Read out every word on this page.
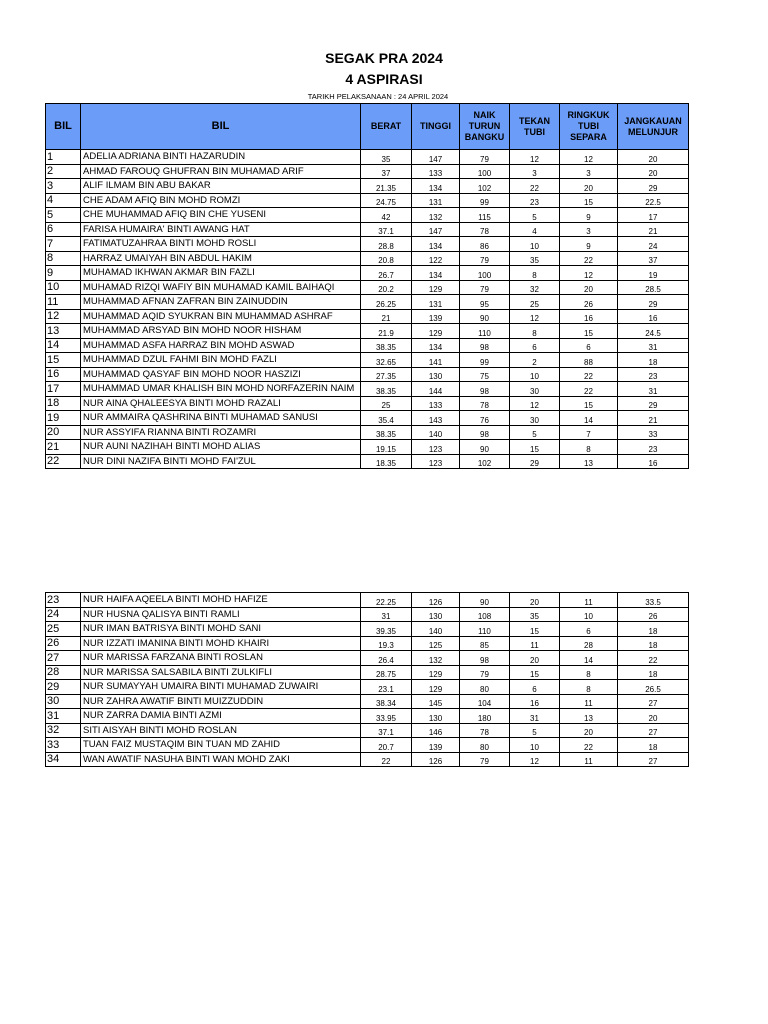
SEGAK PRA 2024
4 ASPIRASI
TARIKH PELAKSANAAN : 24 APRIL 2024
BIL	BIL	BERAT	TINGGI	NAIK TURUN BANGKU	TEKAN TUBI	RINGKUK TUBI SEPARA	JANGKAUAN MELUNJUR
1	ADELIA ADRIANA BINTI HAZARUDIN	35	147	79	12	12	20
2	AHMAD FAROUQ GHUFRAN BIN MUHAMAD ARIF	37	133	100	3	3	20
3	ALIF ILMAM BIN ABU BAKAR	21.35	134	102	22	20	29
4	CHE ADAM AFIQ BIN MOHD ROMZI	24.75	131	99	23	15	22.5
5	CHE MUHAMMAD AFIQ BIN CHE YUSENI	42	132	115	5	9	17
6	FARISA HUMAIRA' BINTI AWANG HAT	37.1	147	78	4	3	21
7	FATIMATUZAHRAA BINTI MOHD ROSLI	28.8	134	86	10	9	24
8	HARRAZ UMAIYAH BIN ABDUL HAKIM	20.8	122	79	35	22	37
9	MUHAMAD IKHWAN AKMAR BIN FAZLI	26.7	134	100	8	12	19
10	MUHAMAD RIZQI WAFIY BIN MUHAMAD KAMIL BAIHAQI	20.2	129	79	32	20	28.5
11	MUHAMMAD AFNAN ZAFRAN BIN ZAINUDDIN	26.25	131	95	25	26	29
12	MUHAMMAD AQID SYUKRAN BIN MUHAMMAD ASHRAF	21	139	90	12	16	16
13	MUHAMMAD ARSYAD BIN MOHD NOOR HISHAM	21.9	129	110	8	15	24.5
14	MUHAMMAD ASFA HARRAZ BIN MOHD ASWAD	38.35	134	98	6	6	31
15	MUHAMMAD DZUL FAHMI BIN MOHD FAZLI	32.65	141	99	2	88	18
16	MUHAMMAD QASYAF BIN MOHD NOOR HASZIZI	27.35	130	75	10	22	23
17	MUHAMMAD UMAR KHALISH BIN MOHD NORFAZERIN NAIM	38.35	144	98	30	22	31
18	NUR AINA QHALEESYA BINTI MOHD RAZALI	25	133	78	12	15	29
19	NUR AMMAIRA QASHRINA BINTI MUHAMAD SANUSI	35.4	143	76	30	14	21
20	NUR ASSYIFA RIANNA BINTI ROZAMRI	38.35	140	98	5	7	33
21	NUR AUNI NAZIHAH BINTI MOHD ALIAS	19.15	123	90	15	8	23
22	NUR DINI NAZIFA BINTI MOHD FAI'ZUL	18.35	123	102	29	13	16
23	NUR HAIFA AQEELA BINTI MOHD HAFIZE	22.25	126	90	20	11	33.5
24	NUR HUSNA QALISYA BINTI RAMLI	31	130	108	35	10	26
25	NUR IMAN BATRISYA BINTI MOHD SANI	39.35	140	110	15	6	18
26	NUR IZZATI IMANINA BINTI MOHD KHAIRI	19.3	125	85	11	28	18
27	NUR MARISSA FARZANA BINTI ROSLAN	26.4	132	98	20	14	22
28	NUR MARISSA SALSABILA BINTI ZULKIFLI	28.75	129	79	15	8	18
29	NUR SUMAYYAH UMAIRA BINTI MUHAMAD ZUWAIRI	23.1	129	80	6	8	26.5
30	NUR ZAHRA AWATIF BINTI MUIZZUDDIN	38.34	145	104	16	11	27
31	NUR ZARRA DAMIA BINTI AZMI	33.95	130	180	31	13	20
32	SITI AISYAH BINTI MOHD ROSLAN	37.1	146	78	5	20	27
33	TUAN FAIZ MUSTAQIM BIN TUAN MD ZAHID	20.7	139	80	10	22	18
34	WAN AWATIF NASUHA BINTI WAN MOHD ZAKI	22	126	79	12	11	27
